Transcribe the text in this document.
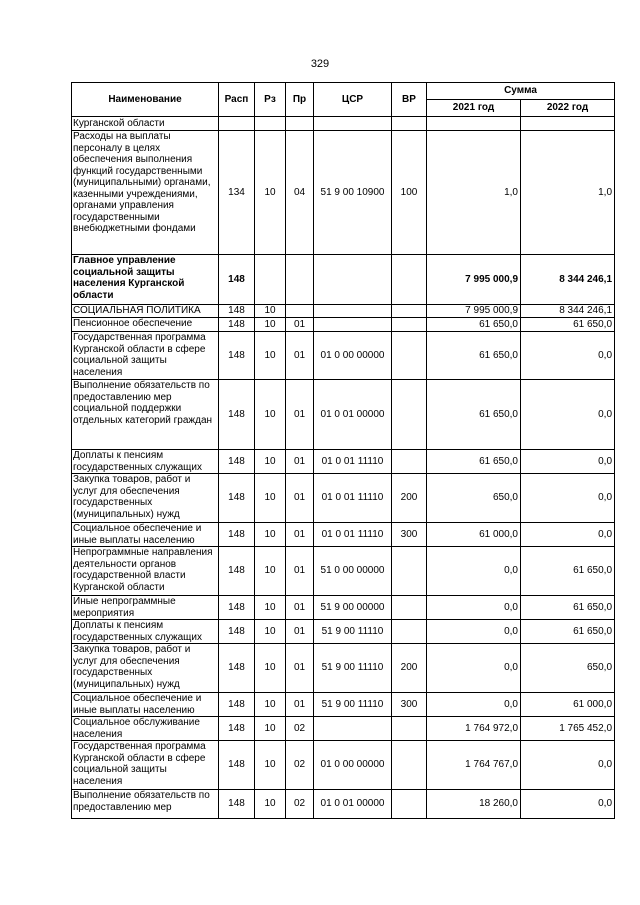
329
Наименование	Расп	Рз	Пр	ЦСР	ВР	Сумма	
						2021 год	2022 год
Курганской области							
Расходы на выплаты персоналу в целях обеспечения выполнения функций государственными (муниципальными) органами, казенными учреждениями, органами управления государственными внебюджетными фондами	134	10	04	51 9 00 10900	100	1,0	1,0
Главное управление социальной защиты населения Курганской области	148					7 995 000,9	8 344 246,1
СОЦИАЛЬНАЯ ПОЛИТИКА	148	10				7 995 000,9	8 344 246,1
Пенсионное обеспечение	148	10	01			61 650,0	61 650,0
Государственная программа Курганской области в сфере социальной защиты населения	148	10	01	01 0 00 00000		61 650,0	0,0
Выполнение обязательств по предоставлению мер социальной поддержки отдельных категорий граждан	148	10	01	01 0 01 00000		61 650,0	0,0
Доплаты к пенсиям государственных служащих	148	10	01	01 0 01 11110		61 650,0	0,0
Закупка товаров, работ и услуг для обеспечения государственных (муниципальных) нужд	148	10	01	01 0 01 11110	200	650,0	0,0
Социальное обеспечение и иные выплаты населению	148	10	01	01 0 01 11110	300	61 000,0	0,0
Непрограммные направления деятельности органов государственной власти Курганской области	148	10	01	51 0 00 00000		0,0	61 650,0
Иные непрограммные мероприятия	148	10	01	51 9 00 00000		0,0	61 650,0
Доплаты к пенсиям государственных служащих	148	10	01	51 9 00 11110		0,0	61 650,0
Закупка товаров, работ и услуг для обеспечения государственных (муниципальных) нужд	148	10	01	51 9 00 11110	200	0,0	650,0
Социальное обеспечение и иные выплаты населению	148	10	01	51 9 00 11110	300	0,0	61 000,0
Социальное обслуживание населения	148	10	02			1 764 972,0	1 765 452,0
Государственная программа Курганской области в сфере социальной защиты населения	148	10	02	01 0 00 00000		1 764 767,0	0,0
Выполнение обязательств по предоставлению мер	148	10	02	01 0 01 00000		18 260,0	0,0
